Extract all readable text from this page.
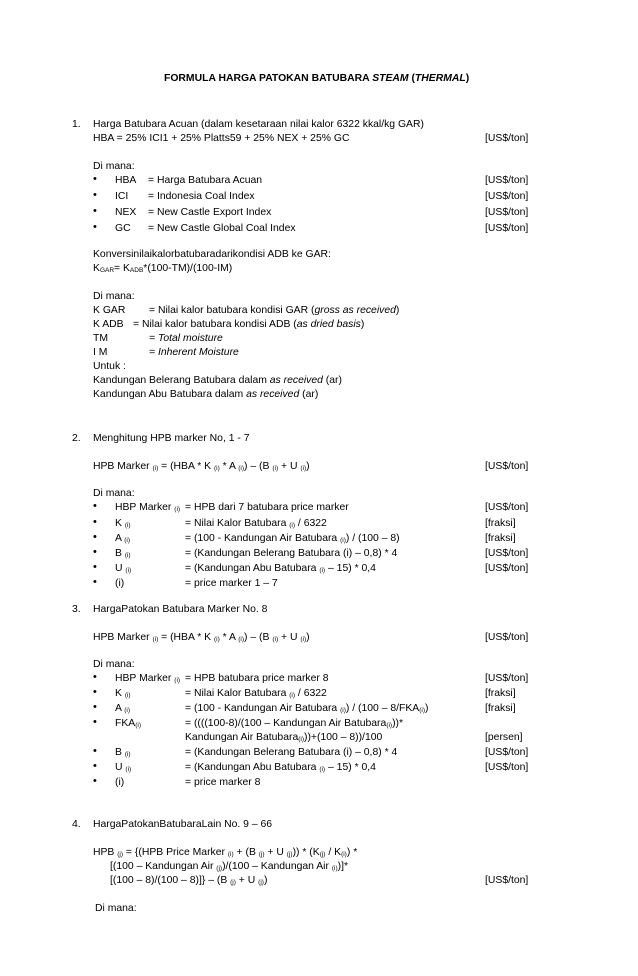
FORMULA HARGA PATOKAN BATUBARA STEAM (THERMAL)
1. Harga Batubara Acuan (dalam kesetaraan nilai kalor 6322 kkal/kg GAR)
HBA = 25% ICI1 + 25% Platts59 + 25% NEX + 25% GC	[US$/ton]
Di mana:
• HBA = Harga Batubara Acuan	[US$/ton]
• ICI = Indonesia Coal Index	[US$/ton]
• NEX = New Castle Export Index	[US$/ton]
• GC = New Castle Global Coal Index	[US$/ton]
Konversinilaikalorbatubaradarikondisi ADB ke GAR:
$K_{GAR}= K_{ADB}*(100-TM)/(100-IM)$
Di mana:
K GAR = Nilai kalor batubara kondisi GAR (gross as received)
K ADB = Nilai kalor batubara kondisi ADB (as dried basis)
TM	= Total moisture
I M	= Inherent Moisture
Untuk :
Kandungan Belerang Batubara dalam as received (ar)
Kandungan Abu Batubara dalam as received (ar)
2. Menghitung HPB marker No, 1 - 7
HPB Marker $_{(i)}$ = (HBA * K $_{(i)}$ * A $_{(i)}$) – (B $_{(i)}$ + U $_{(i)}$)	[US$/ton]
Di mana:
• HBP Marker $_{(i)}$ = HPB dari 7 batubara price marker	[US$/ton]
• K $_{(i)}$	= Nilai Kalor Batubara $_{(i)}$ / 6322	[fraksi]
• A $_{(i)}$	= (100 - Kandungan Air Batubara $_{(i)}$) / (100 – 8)	[fraksi]
• B $_{(i)}$	= (Kandungan Belerang Batubara (i) – 0,8) * 4	[US$/ton]
• U $_{(i)}$	= (Kandungan Abu Batubara $_{(i)}$ – 15) * 0,4	[US$/ton]
• (i)	= price marker 1 – 7
3. HargaPatokan Batubara Marker No. 8
HPB Marker $_{(i)}$ = (HBA * K $_{(i)}$ * A $_{(i)}$) – (B $_{(i)}$ + U $_{(i)}$)	[US$/ton]
Di mana:
• HBP Marker $_{(i)}$ = HPB batubara price marker 8	[US$/ton]
• K $_{(i)}$	= Nilai Kalor Batubara $_{(i)}$ / 6322	[fraksi]
• A $_{(i)}$	= (100 - Kandungan Air Batubara $_{(i)}) / (100 - 8/FKA_{(i)})$	[fraksi]
• $FKA_{(i)}$	= ((((100-8)/(100 – Kandungan Air Batubara$_{(i)}$))*
Kandungan Air Batubara$_{(i)}$))+(100 – 8))/100	[persen]
• B $_{(i)}$	= (Kandungan Belerang Batubara (i) – 0,8) * 4	[US$/ton]
• U $_{(i)}$	= (Kandungan Abu Batubara $_{(i)}$ – 15) * 0,4	[US$/ton]
• (i)	= price marker 8
4. HargaPatokanBatubaraLain No. 9 – 66
HPB $_{(j)}$ = {(HPB Price Marker $_{(i)}$ + (B $_{(j)}$ + U $_{(j)})) * (K_{(j)} / K_{(i)})$ *
[(100 – Kandungan Air $_{(j)}$)/(100 – Kandungan Air $_{(i)}$)]*
[(100 – 8)/(100 – 8)]} – (B $_{(j)}$ + U $_{(j)}$)	[US$/ton]
Di mana:
